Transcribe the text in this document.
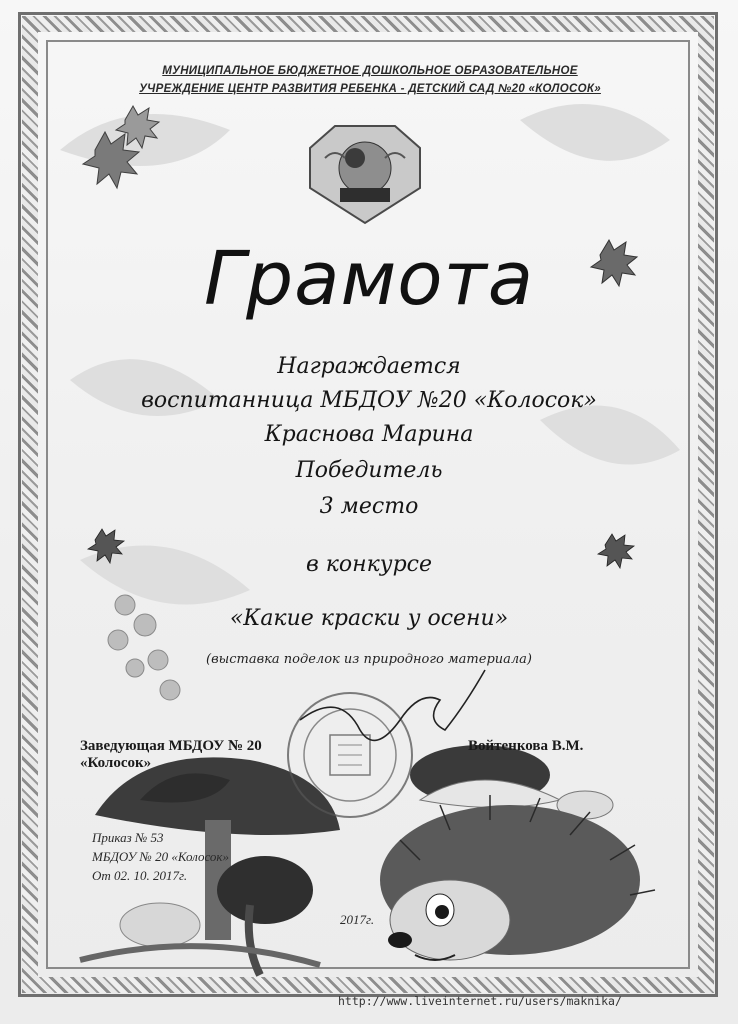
МУНИЦИПАЛЬНОЕ БЮДЖЕТНОЕ ДОШКОЛЬНОЕ ОБРАЗОВАТЕЛЬНОЕ
УЧРЕЖДЕНИЕ ЦЕНТР РАЗВИТИЯ РЕБЕНКА - ДЕТСКИЙ САД №20 «КОЛОСОК»
Грамота
Награждается
воспитанница МБДОУ №20 «Колосок»
Краснова Марина
Победитель
3 место
в конкурсе
«Какие краски у осени»
(выставка поделок из природного материала)
Заведующая МБДОУ № 20
«Колосок»
Войтенкова В.М.
Приказ № 53
МБДОУ № 20 «Колосок»
От 02. 10. 2017г.
2017г.
http://www.liveinternet.ru/users/maknika/
